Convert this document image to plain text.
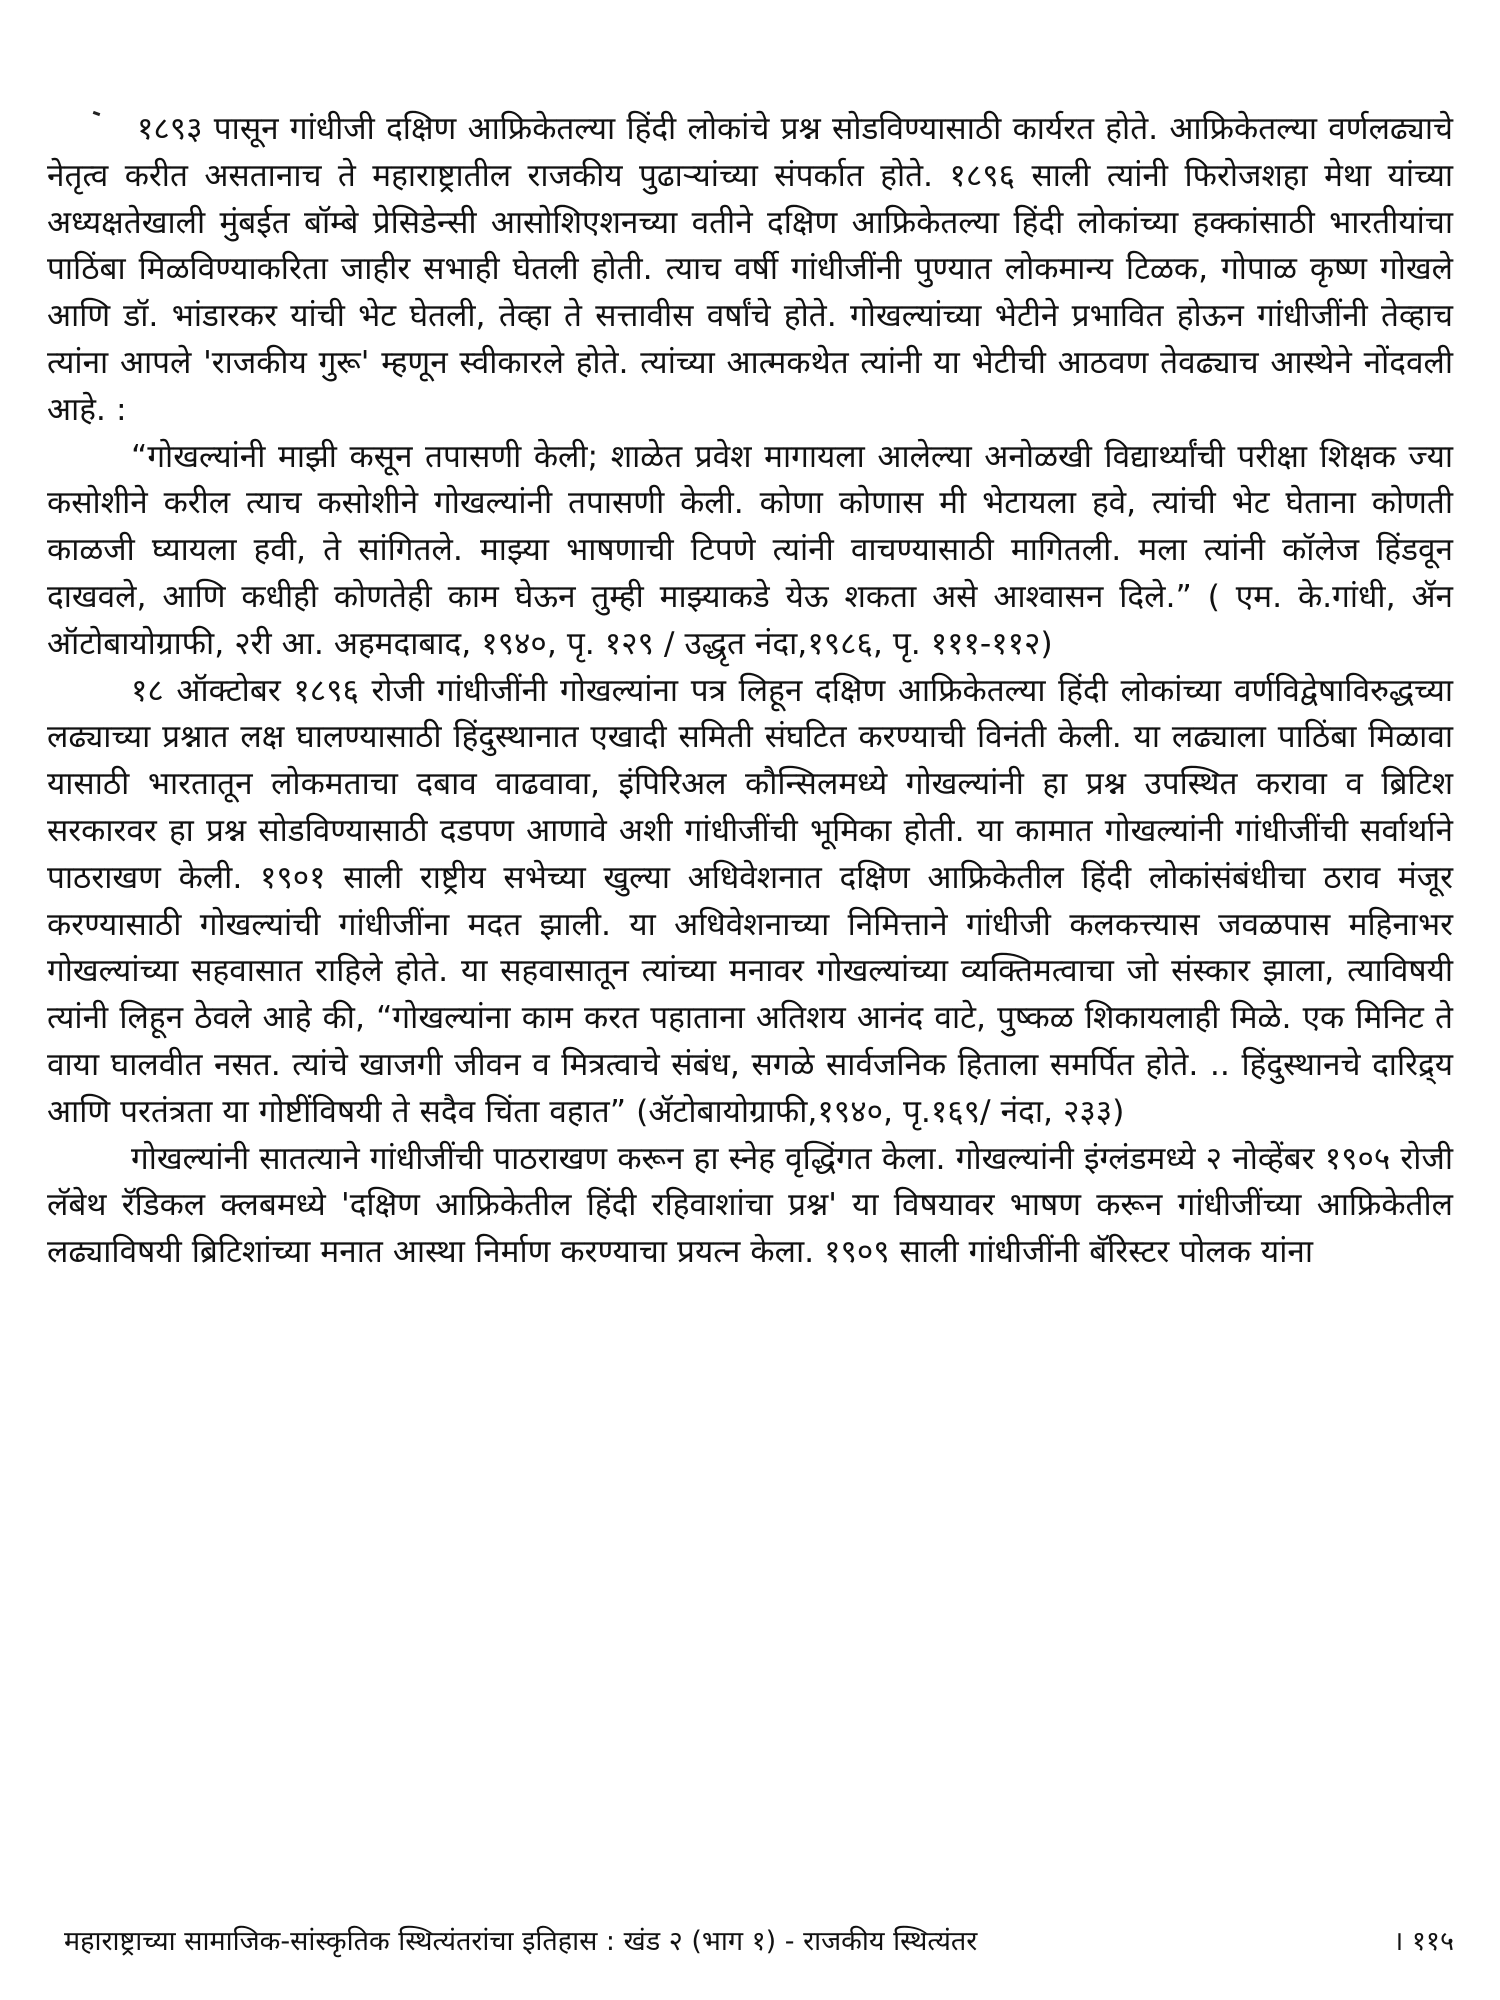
१८९३ पासून गांधीजी दक्षिण आफ्रिकेतल्या हिंदी लोकांचे प्रश्न सोडविण्यासाठी कार्यरत होते. आफ्रिकेतल्या वर्णलढ्याचे नेतृत्व करीत असतानाच ते महाराष्ट्रातील राजकीय पुढाऱ्यांच्या संपर्कात होते. १८९६ साली त्यांनी फिरोजशहा मेथा यांच्या अध्यक्षतेखाली मुंबईत बॉम्बे प्रेसिडेन्सी आसोशिएशनच्या वतीने दक्षिण आफ्रिकेतल्या हिंदी लोकांच्या हक्कांसाठी भारतीयांचा पाठिंबा मिळविण्याकरिता जाहीर सभाही घेतली होती. त्याच वर्षी गांधीजींनी पुण्यात लोकमान्य टिळक, गोपाळ कृष्ण गोखले आणि डॉ. भांडारकर यांची भेट घेतली, तेव्हा ते सत्तावीस वर्षांचे होते. गोखल्यांच्या भेटीने प्रभावित होऊन गांधीजींनी तेव्हाच त्यांना आपले 'राजकीय गुरू' म्हणून स्वीकारले होते. त्यांच्या आत्मकथेत त्यांनी या भेटीची आठवण तेवढ्याच आस्थेने नोंदवली आहे. :

“गोखल्यांनी माझी कसून तपासणी केली; शाळेत प्रवेश मागायला आलेल्या अनोळखी विद्यार्थ्यांची परीक्षा शिक्षक ज्या कसोशीने करील त्याच कसोशीने गोखल्यांनी तपासणी केली. कोणा कोणास मी भेटायला हवे, त्यांची भेट घेताना कोणती काळजी घ्यायला हवी, ते सांगितले. माझ्या भाषणाची टिपणे त्यांनी वाचण्यासाठी मागितली. मला त्यांनी कॉलेज हिंडवून दाखवले, आणि कधीही कोणतेही काम घेऊन तुम्ही माझ्याकडे येऊ शकता असे आश्वासन दिले.” ( एम. के.गांधी, ॲन ऑटोबायोग्राफी, २री आ. अहमदाबाद, १९४०, पृ. १२९ / उद्धृत नंदा,१९८६, पृ. १११-११२)

१८ ऑक्टोबर १८९६ रोजी गांधीजींनी गोखल्यांना पत्र लिहून दक्षिण आफ्रिकेतल्या हिंदी लोकांच्या वर्णविद्वेषाविरुद्धच्या लढ्याच्या प्रश्नात लक्ष घालण्यासाठी हिंदुस्थानात एखादी समिती संघटित करण्याची विनंती केली. या लढ्याला पाठिंबा मिळावा यासाठी भारतातून लोकमताचा दबाव वाढवावा, इंपिरिअल कौन्सिलमध्ये गोखल्यांनी हा प्रश्न उपस्थित करावा व ब्रिटिश सरकारवर हा प्रश्न सोडविण्यासाठी दडपण आणावे अशी गांधीजींची भूमिका होती. या कामात गोखल्यांनी गांधीजींची सर्वार्थाने पाठराखण केली. १९०१ साली राष्ट्रीय सभेच्या खुल्या अधिवेशनात दक्षिण आफ्रिकेतील हिंदी लोकांसंबंधीचा ठराव मंजूर करण्यासाठी गोखल्यांची गांधीजींना मदत झाली. या अधिवेशनाच्या निमित्ताने गांधीजी कलकत्त्यास जवळपास महिनाभर गोखल्यांच्या सहवासात राहिले होते. या सहवासातून त्यांच्या मनावर गोखल्यांच्या व्यक्तिमत्वाचा जो संस्कार झाला, त्याविषयी त्यांनी लिहून ठेवले आहे की, “गोखल्यांना काम करत पहाताना अतिशय आनंद वाटे, पुष्कळ शिकायलाही मिळे. एक मिनिट ते वाया घालवीत नसत. त्यांचे खाजगी जीवन व मित्रत्वाचे संबंध, सगळे सार्वजनिक हिताला समर्पित होते. .. हिंदुस्थानचे दारिद्र्य आणि परतंत्रता या गोष्टींविषयी ते सदैव चिंता वहात” (ॲटोबायोग्राफी,१९४०, पृ.१६९/ नंदा, २३३)

गोखल्यांनी सातत्याने गांधीजींची पाठराखण करून हा स्नेह वृद्धिंगत केला. गोखल्यांनी इंग्लंडमध्ये २ नोव्हेंबर १९०५ रोजी लॅबेथ रॅडिकल क्लबमध्ये 'दक्षिण आफ्रिकेतील हिंदी रहिवाशांचा प्रश्न' या विषयावर भाषण करून गांधीजींच्या आफ्रिकेतील लढ्याविषयी ब्रिटिशांच्या मनात आस्था निर्माण करण्याचा प्रयत्न केला. १९०९ साली गांधीजींनी बॅरिस्टर पोलक यांना

महाराष्ट्राच्या सामाजिक-सांस्कृतिक स्थित्यंतरांचा इतिहास : खंड २ (भाग १) - राजकीय स्थित्यंतर	। ११५
